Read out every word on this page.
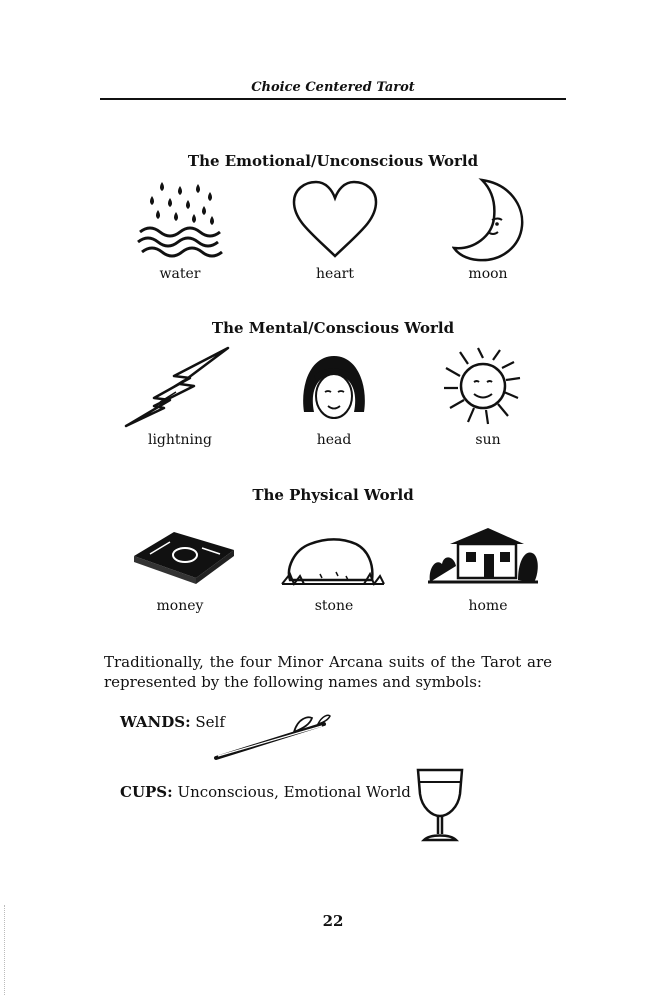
Choice Centered Tarot
The Emotional/Unconscious World
water	heart	moon
The Mental/Conscious World
lightning	head	sun
The Physical World
money	stone	home
Traditionally, the four Minor Arcana suits of the Tarot are represented by the following names and symbols:
WANDS: Self
CUPS: Unconscious, Emotional World
22
